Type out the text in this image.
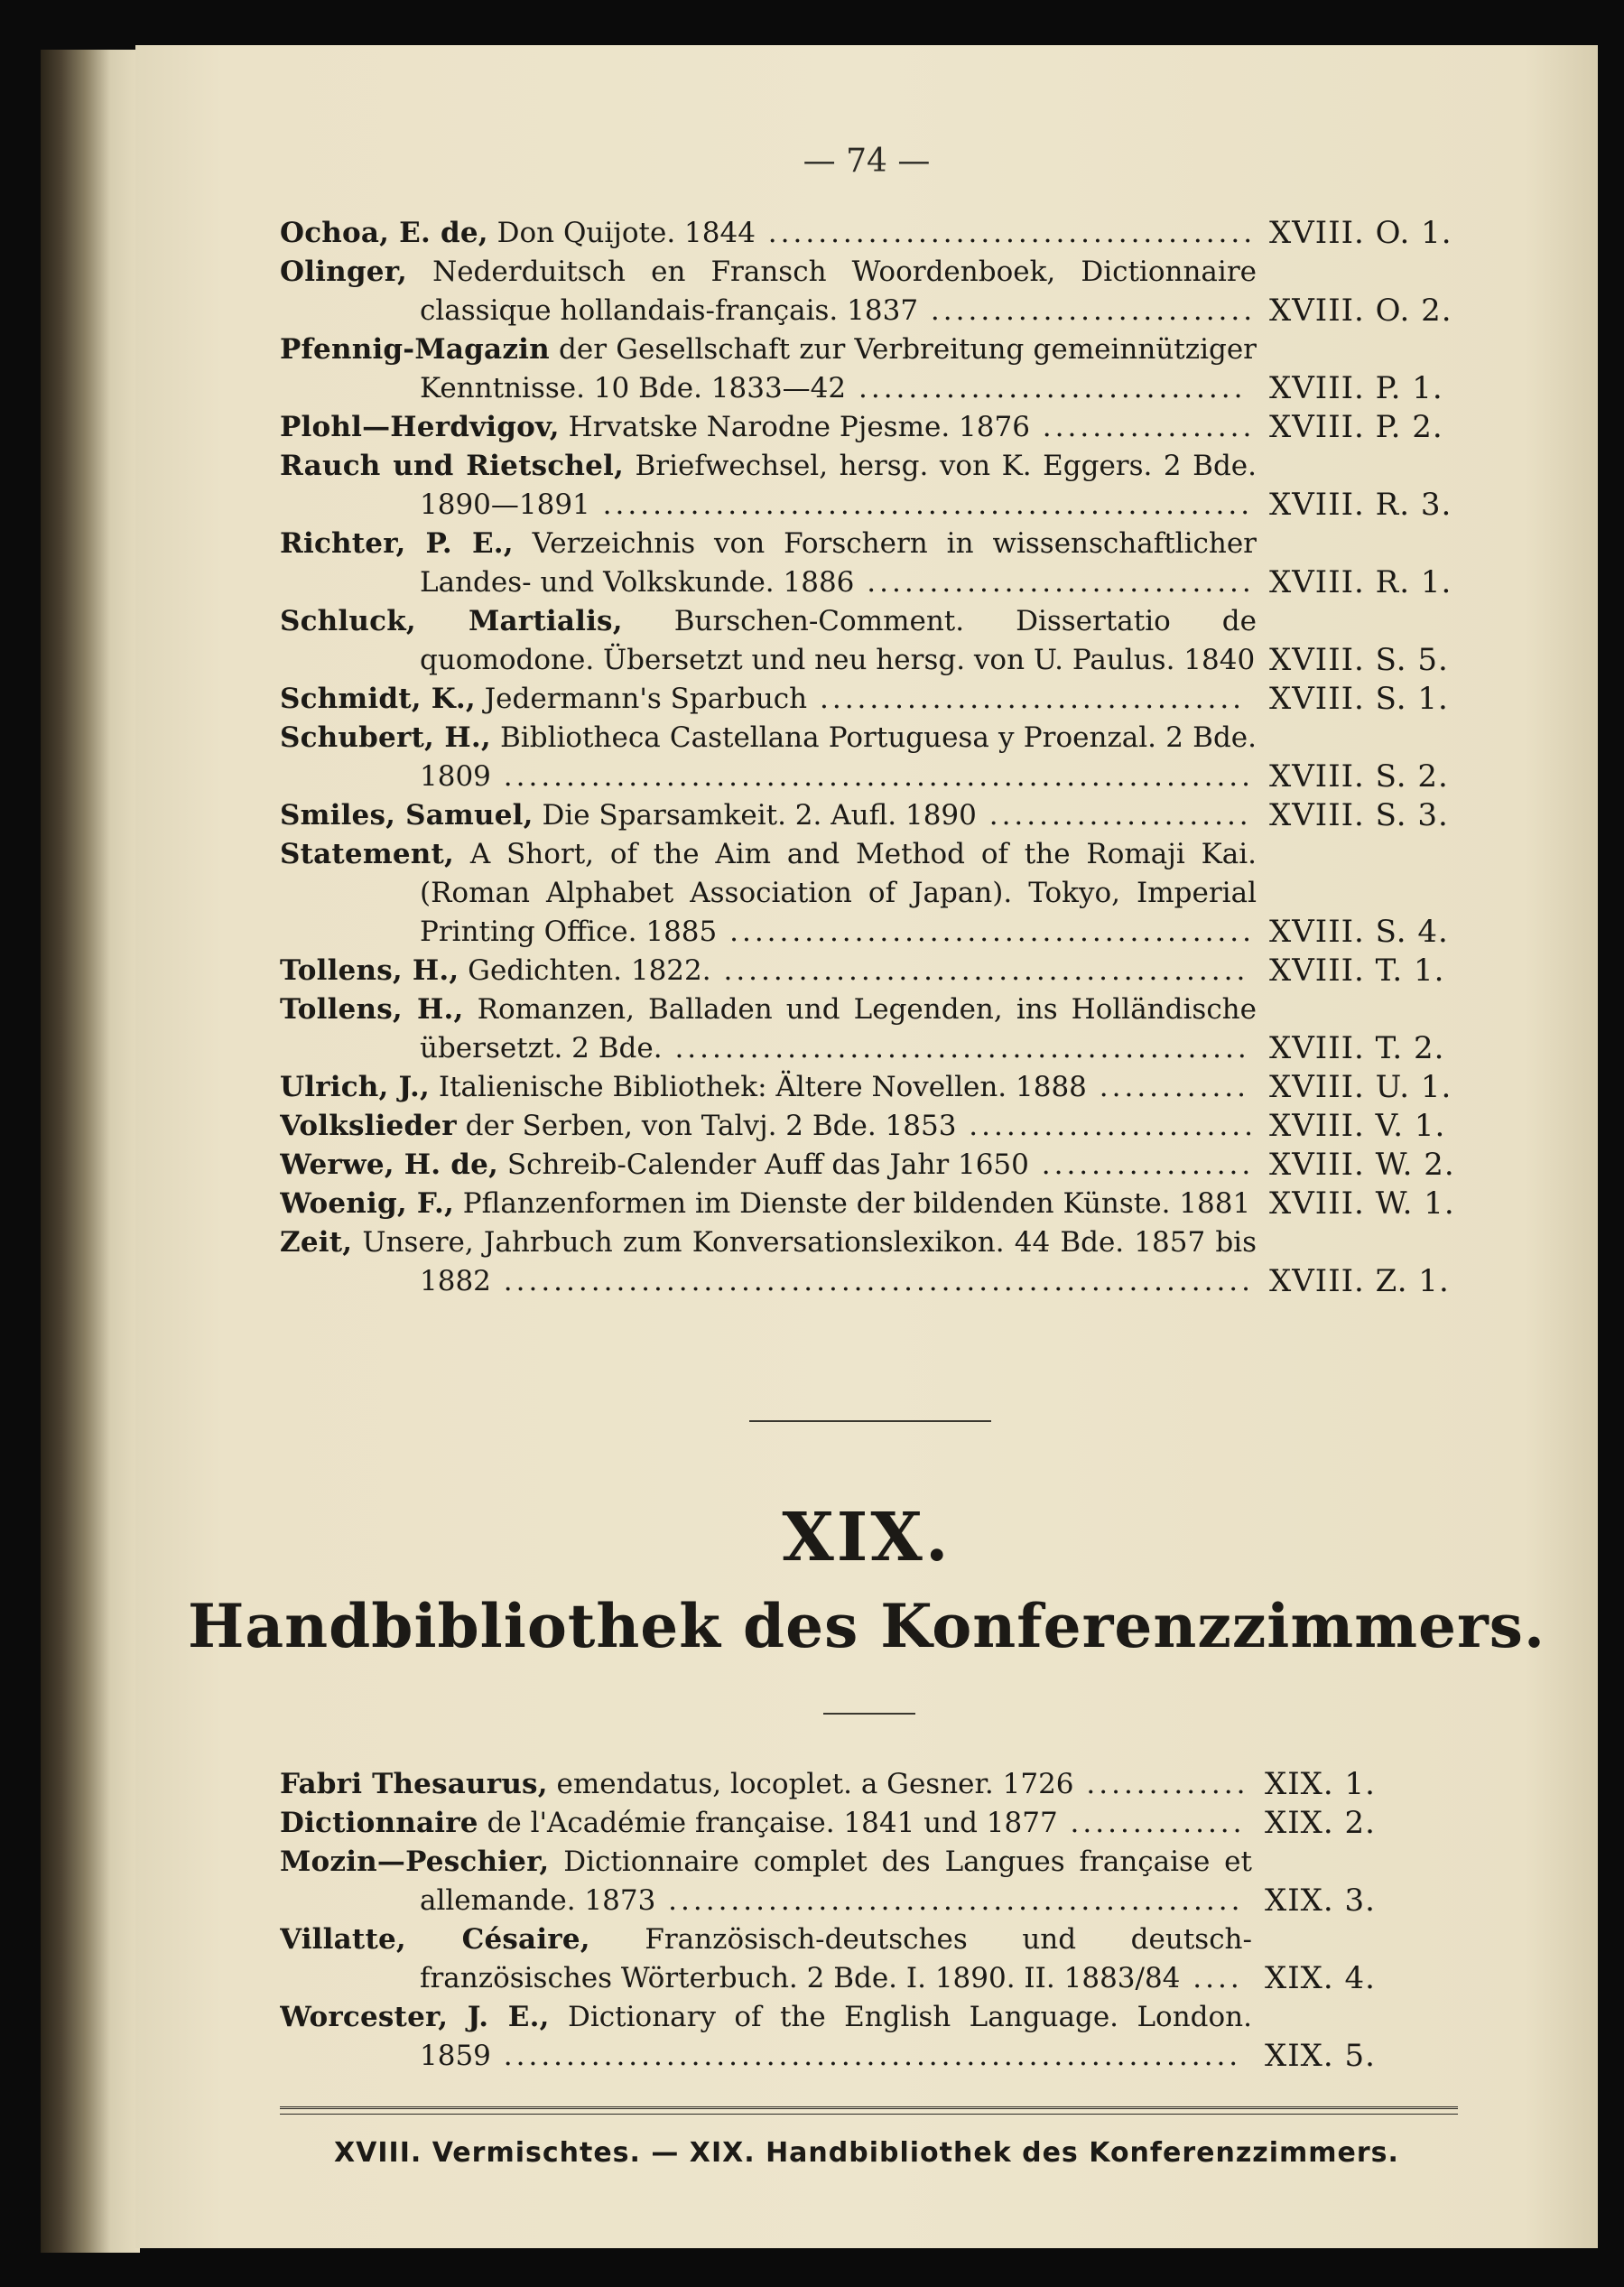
— 74 —
Ochoa, E. de, Don Quijote. 1844 ....................................... XVIII. O. 1.
Olinger, Nederduitsch en Fransch Woordenboek, Dictionnaire classique hollandais-français. 1837 .......................... XVIII. O. 2.
Pfennig-Magazin der Gesellschaft zur Verbreitung gemeinnütziger Kenntnisse. 10 Bde. 1833—42 ............................... XVIII. P. 1.
Plohl—Herdvigov, Hrvatske Narodne Pjesme. 1876 ................. XVIII. P. 2.
Rauch und Rietschel, Briefwechsel, hersg. von K. Eggers. 2 Bde. 1890—1891 .................................................... XVIII. R. 3.
Richter, P. E., Verzeichnis von Forschern in wissenschaftlicher Landes- und Volkskunde. 1886 ............................... XVIII. R. 1.
Schluck, Martialis, Burschen-Comment. Dissertatio de quomodone. Übersetzt und neu hersg. von U. Paulus. 1840 XVIII. S. 5.
Schmidt, K., Jedermann's Sparbuch .................................. XVIII. S. 1.
Schubert, H., Bibliotheca Castellana Portuguesa y Proenzal. 2 Bde. 1809 ............................................................ XVIII. S. 2.
Smiles, Samuel, Die Sparsamkeit. 2. Aufl. 1890 ..................... XVIII. S. 3.
Statement, A Short, of the Aim and Method of the Romaji Kai. (Roman Alphabet Association of Japan). Tokyo, Imperial Printing Office. 1885 .......................................... XVIII. S. 4.
Tollens, H., Gedichten. 1822. .......................................... XVIII. T. 1.
Tollens, H., Romanzen, Balladen und Legenden, ins Holländische übersetzt. 2 Bde. .............................................. XVIII. T. 2.
Ulrich, J., Italienische Bibliothek: Ältere Novellen. 1888 ............ XVIII. U. 1.
Volkslieder der Serben, von Talvj. 2 Bde. 1853 ....................... XVIII. V. 1.
Werwe, H. de, Schreib-Calender Auff das Jahr 1650 ................. XVIII. W. 2.
Woenig, F., Pflanzenformen im Dienste der bildenden Künste. 1881 XVIII. W. 1.
Zeit, Unsere, Jahrbuch zum Konversationslexikon. 44 Bde. 1857 bis 1882 ............................................................ XVIII. Z. 1.
XIX.
Handbibliothek des Konferenzzimmers.
Fabri Thesaurus, emendatus, locoplet. a Gesner. 1726 ............. XIX. 1.
Dictionnaire de l'Académie française. 1841 und 1877 .............. XIX. 2.
Mozin—Peschier, Dictionnaire complet des Langues française et allemande. 1873 .............................................. XIX. 3.
Villatte, Césaire, Französisch-deutsches und deutsch-französisches Wörterbuch. 2 Bde. I. 1890. II. 1883/84 .... XIX. 4.
Worcester, J. E., Dictionary of the English Language. London. 1859 ........................................................... XIX. 5.
XVIII. Vermischtes. — XIX. Handbibliothek des Konferenzzimmers.
